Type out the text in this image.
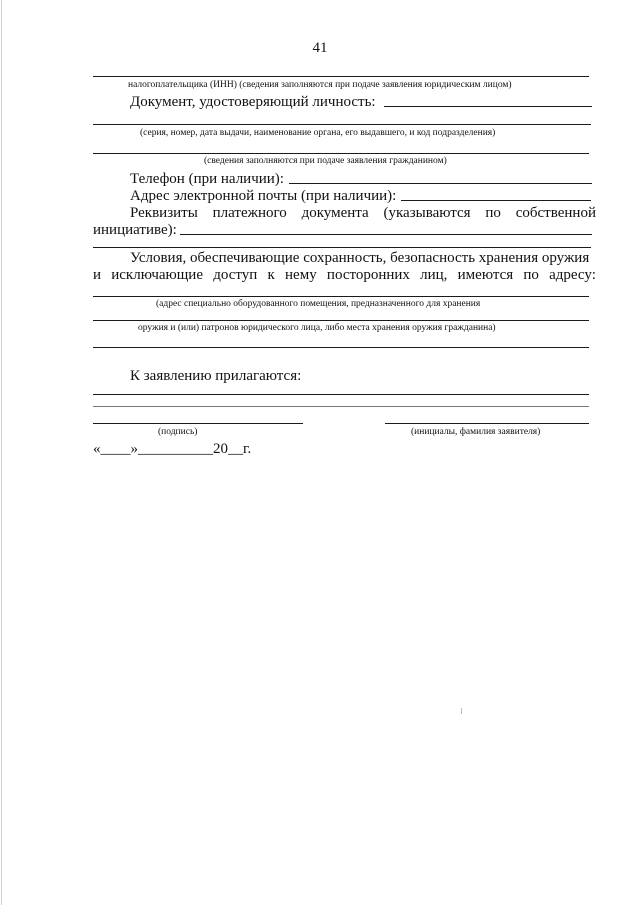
41
налогоплательщика (ИНН) (сведения заполняются при подаче заявления юридическим лицом)
Документ, удостоверяющий личность:
(серия, номер, дата выдачи, наименование органа, его выдавшего, и код подразделения)
(сведения заполняются при подаче заявления гражданином)
Телефон (при наличии):
Адрес электронной почты (при наличии):
Реквизиты платежного документа (указываются по собственной
инициативе):
Условия, обеспечивающие сохранность, безопасность хранения оружия
и исключающие доступ к нему посторонних лиц, имеются по адресу:
(адрес специально оборудованного помещения, предназначенного для хранения
оружия и (или) патронов юридического лица, либо места хранения оружия гражданина)
К заявлению прилагаются:
(подпись)	(инициалы, фамилия заявителя)
«____»__________20__г.
